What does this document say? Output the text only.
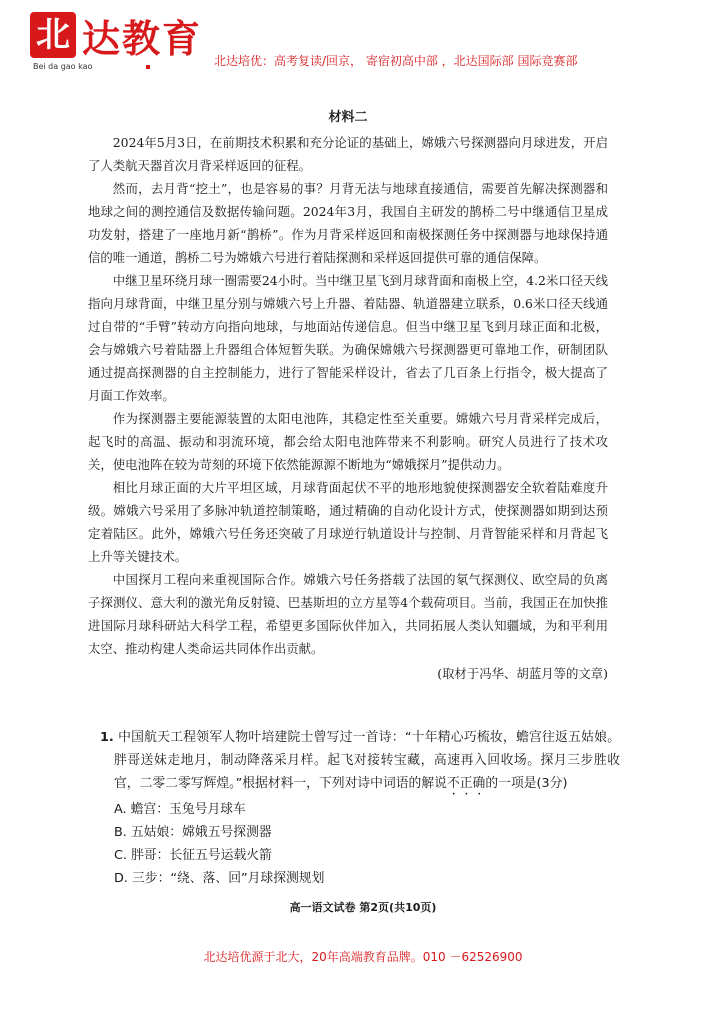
北 达教育
Bei da gao kao	北达培优：高考复读/回京， 寄宿初高中部 ，北达国际部 国际竞赛部

材料二

2024年5月3日，在前期技术积累和充分论证的基础上，嫦娥六号探测器向月球进发，开启了人类航天器首次月背采样返回的征程。

然而，去月背“挖土”，也是容易的事？月背无法与地球直接通信，需要首先解决探测器和地球之间的测控通信及数据传输问题。2024年3月，我国自主研发的鹊桥二号中继通信卫星成功发射，搭建了一座地月新“鹊桥”。作为月背采样返回和南极探测任务中探测器与地球保持通信的唯一通道，鹊桥二号为嫦娥六号进行着陆探测和采样返回提供可靠的通信保障。

中继卫星环绕月球一圈需要24小时。当中继卫星飞到月球背面和南极上空，4.2米口径天线指向月球背面，中继卫星分别与嫦娥六号上升器、着陆器、轨道器建立联系，0.6米口径天线通过自带的“手臂”转动方向指向地球，与地面站传递信息。但当中继卫星飞到月球正面和北极，会与嫦娥六号着陆器上升器组合体短暂失联。为确保嫦娥六号探测器更可靠地工作，研制团队通过提高探测器的自主控制能力，进行了智能采样设计，省去了几百条上行指令，极大提高了月面工作效率。

作为探测器主要能源装置的太阳电池阵，其稳定性至关重要。嫦娥六号月背采样完成后，起飞时的高温、振动和羽流环境，都会给太阳电池阵带来不利影响。研究人员进行了技术攻关，使电池阵在较为苛刻的环境下依然能源源不断地为“嫦娥探月”提供动力。

相比月球正面的大片平坦区域，月球背面起伏不平的地形地貌使探测器安全软着陆难度升级。嫦娥六号采用了多脉冲轨道控制策略，通过精确的自动化设计方式，使探测器如期到达预定着陆区。此外，嫦娥六号任务还突破了月球逆行轨道设计与控制、月背智能采样和月背起飞上升等关键技术。

中国探月工程向来重视国际合作。嫦娥六号任务搭载了法国的氡气探测仪、欧空局的负离子探测仪、意大利的激光角反射镜、巴基斯坦的立方星等4个载荷项目。当前，我国正在加快推进国际月球科研站大科学工程，希望更多国际伙伴加入，共同拓展人类认知疆域，为和平利用太空、推动构建人类命运共同体作出贡献。

(取材于冯华、胡蓝月等的文章)

1. 中国航天工程领军人物叶培建院士曾写过一首诗：“十年精心巧梳妆，蟾宫往返五姑娘。胖哥送妹走地月，制动降落采月样。起飞对接转宝藏，高速再入回收场。探月三步胜收官，二零二零写辉煌。”根据材料一，下列对诗中词语的解说不正确的一项是(3分)

A. 蟾宫：玉兔号月球车

B. 五姑娘：嫦娥五号探测器

C. 胖哥：长征五号运载火箭

D. 三步：“绕、落、回”月球探测规划

高一语文试卷 第2页(共10页)
北达培优源于北大，20年高端教育品牌。010 －62526900
